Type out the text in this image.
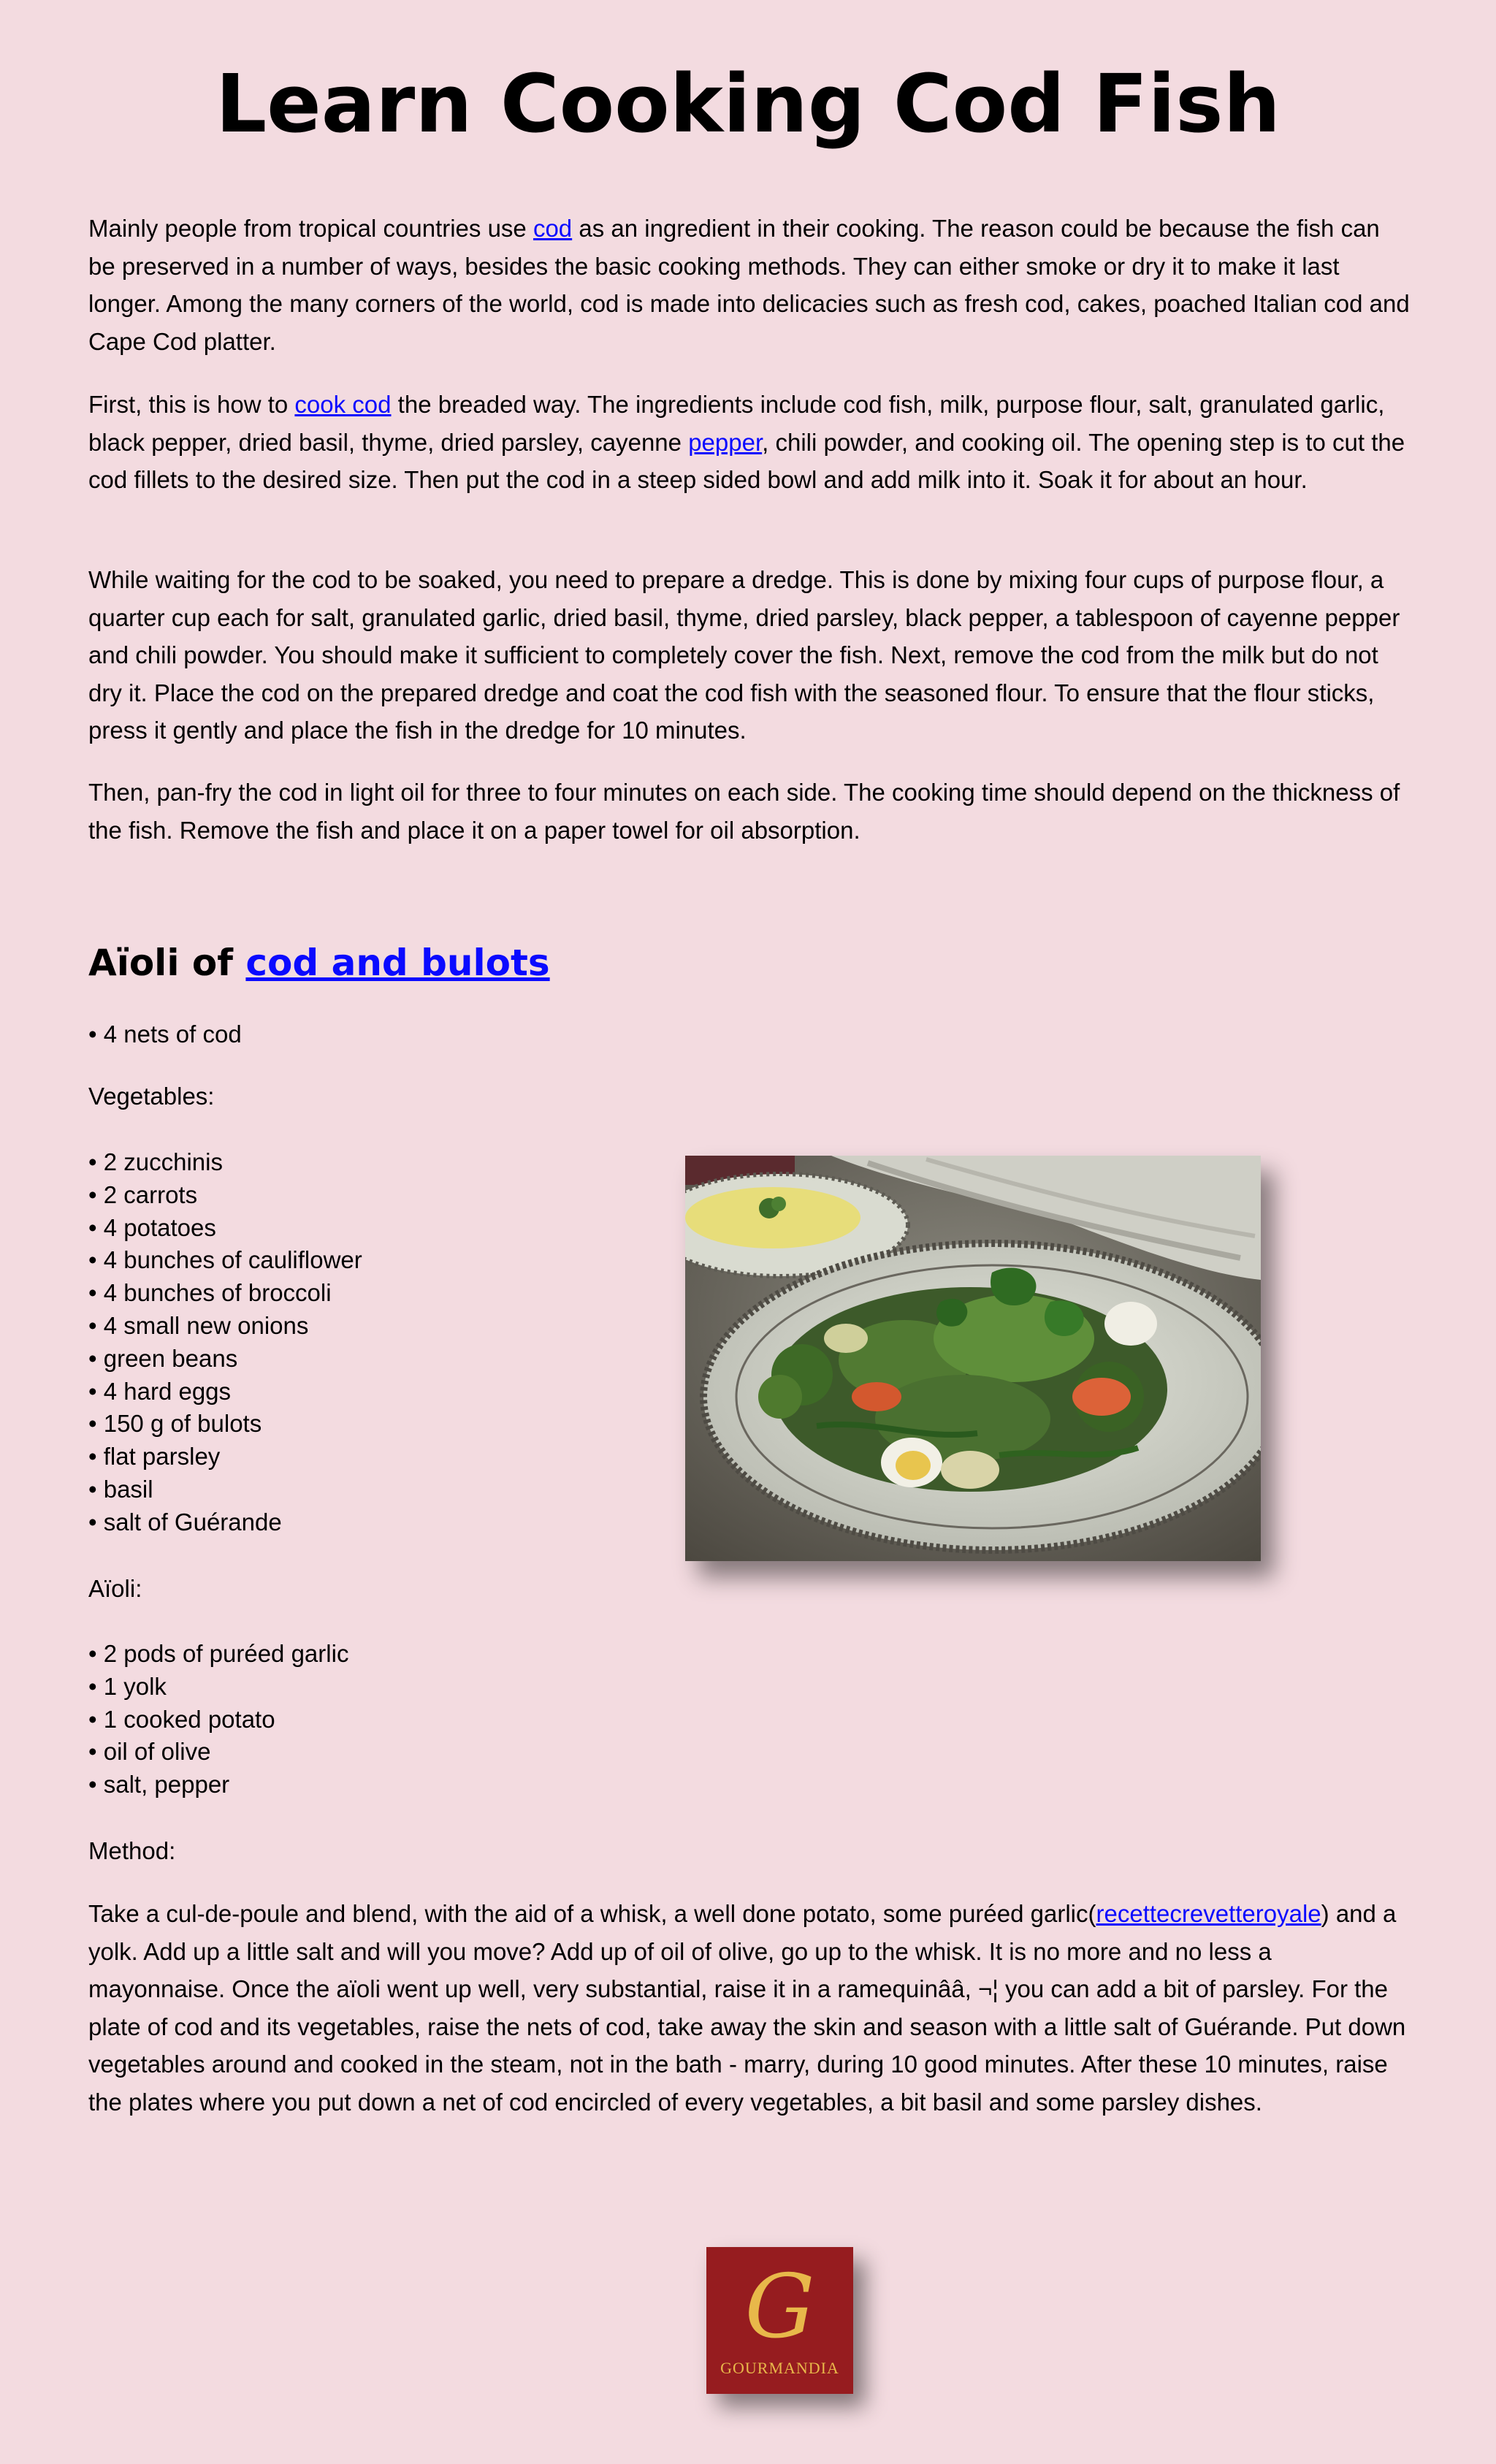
Learn Cooking Cod Fish

Mainly people from tropical countries use cod as an ingredient in their cooking. The reason could be because the fish can be preserved in a number of ways, besides the basic cooking methods. They can either smoke or dry it to make it last longer. Among the many corners of the world, cod is made into delicacies such as fresh cod, cakes, poached Italian cod and Cape Cod platter.

First, this is how to cook cod the breaded way. The ingredients include cod fish, milk, purpose flour, salt, granulated garlic, black pepper, dried basil, thyme, dried parsley, cayenne pepper, chili powder, and cooking oil. The opening step is to cut the cod fillets to the desired size. Then put the cod in a steep sided bowl and add milk into it. Soak it for about an hour.

While waiting for the cod to be soaked, you need to prepare a dredge. This is done by mixing four cups of purpose flour, a quarter cup each for salt, granulated garlic, dried basil, thyme, dried parsley, black pepper, a tablespoon of cayenne pepper and chili powder. You should make it sufficient to completely cover the fish. Next, remove the cod from the milk but do not dry it. Place the cod on the prepared dredge and coat the cod fish with the seasoned flour. To ensure that the flour sticks, press it gently and place the fish in the dredge for 10 minutes.

Then, pan-fry the cod in light oil for three to four minutes on each side. The cooking time should depend on the thickness of the fish. Remove the fish and place it on a paper towel for oil absorption.

Aïoli of cod and bulots

• 4 nets of cod

Vegetables:

• 2 zucchinis
• 2 carrots
• 4 potatoes
• 4 bunches of cauliflower
• 4 bunches of broccoli
• 4 small new onions
• green beans
• 4 hard eggs
• 150 g of bulots
• flat parsley
• basil
• salt of Guérande

Aïoli:

• 2 pods of puréed garlic
• 1 yolk
• 1 cooked potato
• oil of olive
• salt, pepper

Method:

Take a cul-de-poule and blend, with the aid of a whisk, a well done potato, some puréed garlic(recettecrevetteroyale) and a yolk. Add up a little salt and will you move? Add up of oil of olive, go up to the whisk. It is no more and no less a mayonnaise. Once the aïoli went up well, very substantial, raise it in a ramequinââ, ¬¦ you can add a bit of parsley. For the plate of cod and its vegetables, raise the nets of cod, take away the skin and season with a little salt of Guérande. Put down vegetables around and cooked in the steam, not in the bath - marry, during 10 good minutes. After these 10 minutes, raise the plates where you put down a net of cod encircled of every vegetables, a bit basil and some parsley dishes.

G
GOURMANDIA
